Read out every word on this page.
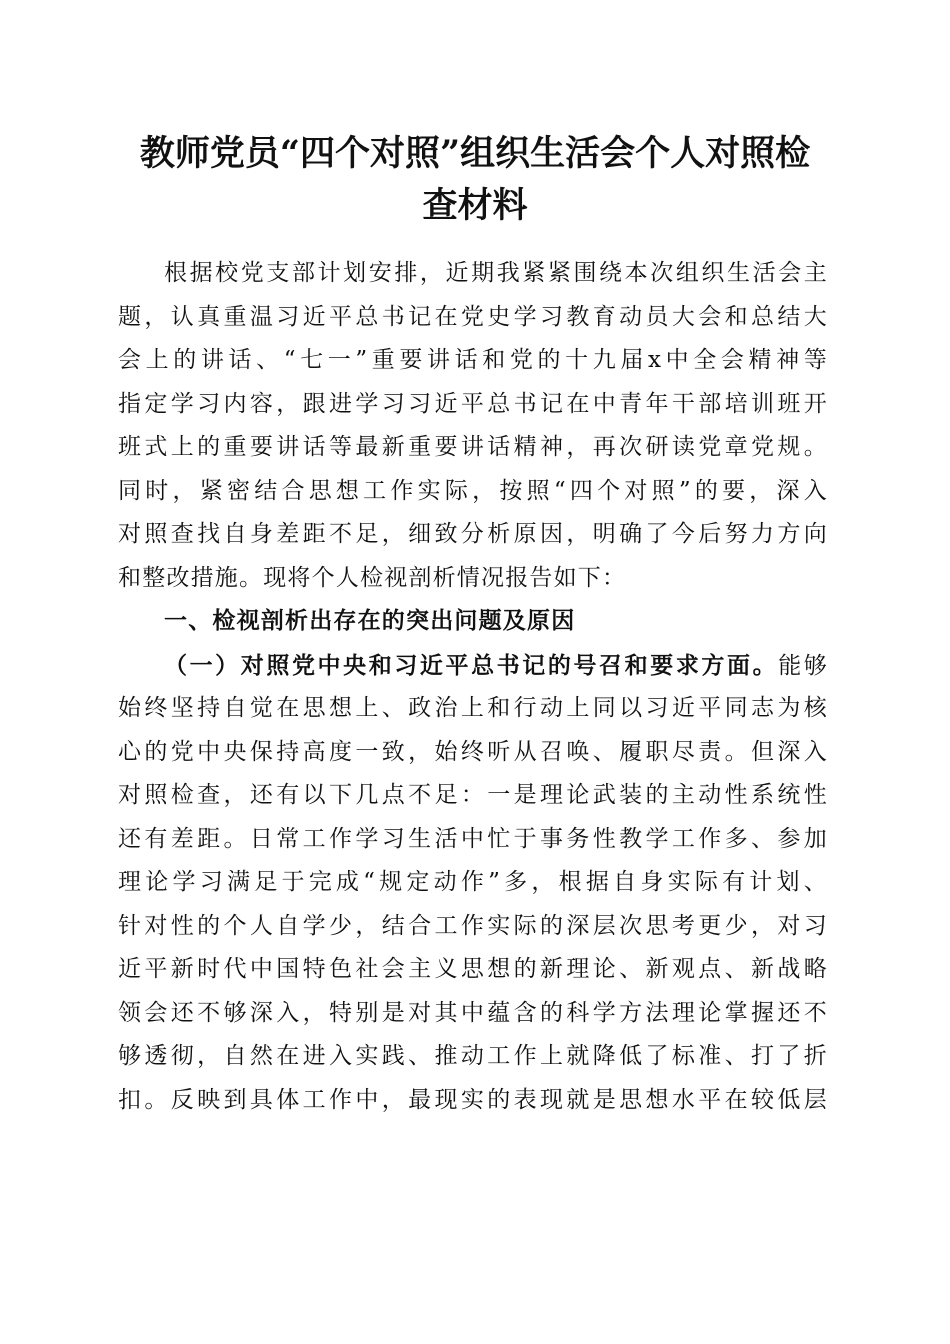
教师党员“四个对照”组织生活会个人对照检
查材料
根据校党支部计划安排，近期我紧紧围绕本次组织生活会主
题，认真重温习近平总书记在党史学习教育动员大会和总结大
会上的讲话、“七一”重要讲话和党的十九届x中全会精神等
指定学习内容，跟进学习习近平总书记在中青年干部培训班开
班式上的重要讲话等最新重要讲话精神，再次研读党章党规。
同时，紧密结合思想工作实际，按照“四个对照”的要，深入
对照查找自身差距不足，细致分析原因，明确了今后努力方向
和整改措施。现将个人检视剖析情况报告如下：
一、检视剖析出存在的突出问题及原因
（一）对照党中央和习近平总书记的号召和要求方面。能够
始终坚持自觉在思想上、政治上和行动上同以习近平同志为核
心的党中央保持高度一致，始终听从召唤、履职尽责。但深入
对照检查，还有以下几点不足：一是理论武装的主动性系统性
还有差距。日常工作学习生活中忙于事务性教学工作多、参加
理论学习满足于完成“规定动作”多，根据自身实际有计划、
针对性的个人自学少，结合工作实际的深层次思考更少，对习
近平新时代中国特色社会主义思想的新理论、新观点、新战略
领会还不够深入，特别是对其中蕴含的科学方法理论掌握还不
够透彻，自然在进入实践、推动工作上就降低了标准、打了折
扣。反映到具体工作中，最现实的表现就是思想水平在较低层
